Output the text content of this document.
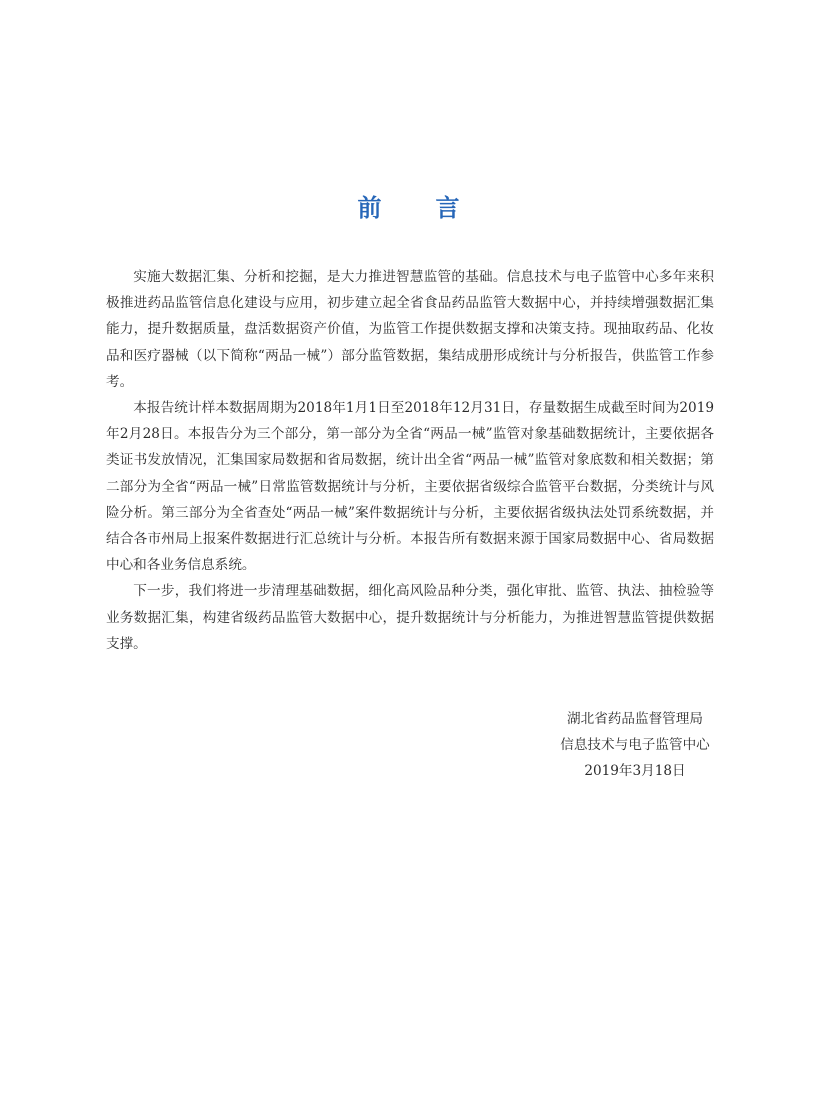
前 言

实施大数据汇集、分析和挖掘，是大力推进智慧监管的基础。信息技术与电子监管中心多年来积极推进药品监管信息化建设与应用，初步建立起全省食品药品监管大数据中心，并持续增强数据汇集能力，提升数据质量，盘活数据资产价值，为监管工作提供数据支撑和决策支持。现抽取药品、化妆品和医疗器械（以下简称“两品一械”）部分监管数据，集结成册形成统计与分析报告，供监管工作参考。

本报告统计样本数据周期为2018年1月1日至2018年12月31日，存量数据生成截至时间为2019年2月28日。本报告分为三个部分，第一部分为全省“两品一械”监管对象基础数据统计，主要依据各类证书发放情况，汇集国家局数据和省局数据，统计出全省“两品一械”监管对象底数和相关数据；第二部分为全省“两品一械”日常监管数据统计与分析，主要依据省级综合监管平台数据，分类统计与风险分析。第三部分为全省查处“两品一械”案件数据统计与分析，主要依据省级执法处罚系统数据，并结合各市州局上报案件数据进行汇总统计与分析。本报告所有数据来源于国家局数据中心、省局数据中心和各业务信息系统。

下一步，我们将进一步清理基础数据，细化高风险品种分类，强化审批、监管、执法、抽检验等业务数据汇集，构建省级药品监管大数据中心，提升数据统计与分析能力，为推进智慧监管提供数据支撑。

湖北省药品监督管理局
信息技术与电子监管中心
2019年3月18日
